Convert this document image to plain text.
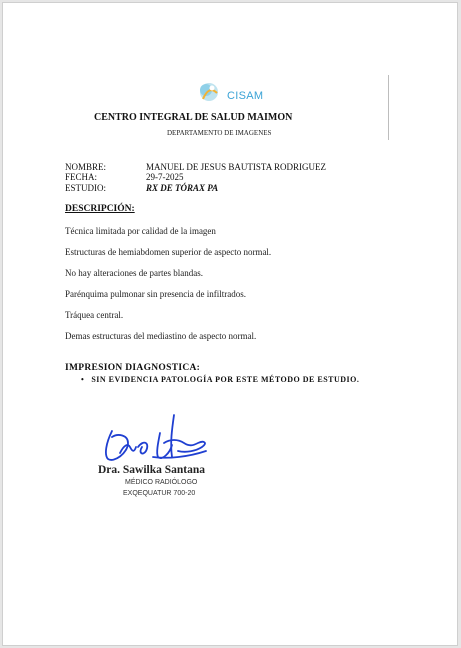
CISAM
CENTRO INTEGRAL DE SALUD MAIMON
DEPARTAMENTO DE IMAGENES
NOMBRE:	MANUEL DE JESUS BAUTISTA RODRIGUEZ
FECHA:	29-7-2025
ESTUDIO:	RX DE TÓRAX PA
DESCRIPCIÓN:
Técnica limitada por calidad de la imagen
Estructuras de hemiabdomen superior de aspecto normal.
No hay alteraciones de partes blandas.
Parénquima pulmonar sin presencia de infiltrados.
Tráquea central.
Demas estructuras del mediastino de aspecto normal.
IMPRESION DIAGNOSTICA:
• SIN EVIDENCIA PATOLOGÍA POR ESTE MÉTODO DE ESTUDIO.
Dra. Sawilka Santana
MÉDICO RADIÓLOGO
EXQEQUATUR 700-20
